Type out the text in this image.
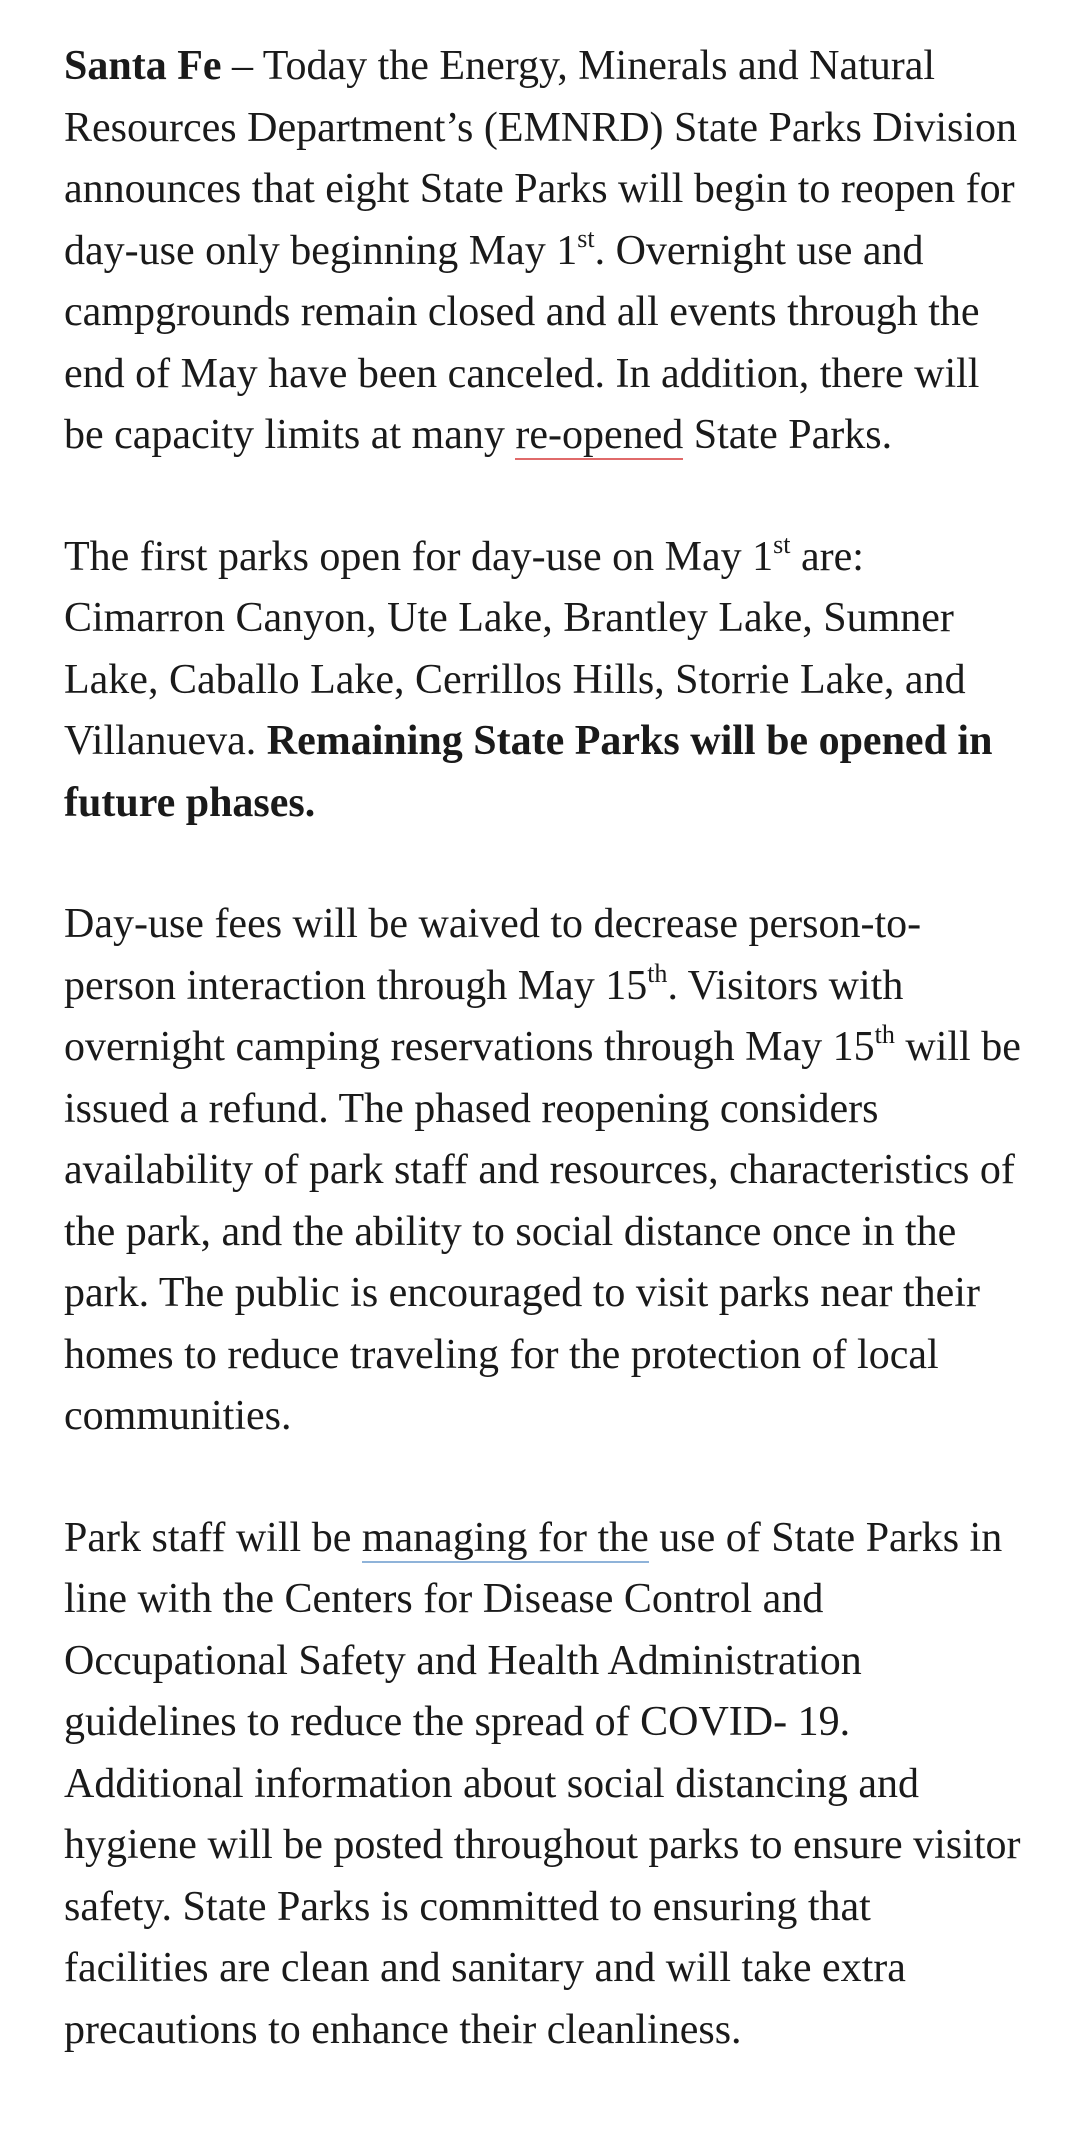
Santa Fe – Today the Energy, Minerals and Natural Resources Department’s (EMNRD) State Parks Division announces that eight State Parks will begin to reopen for day-use only beginning May 1st. Overnight use and campgrounds remain closed and all events through the end of May have been canceled. In addition, there will be capacity limits at many re-opened State Parks.

The first parks open for day-use on May 1st are: Cimarron Canyon, Ute Lake, Brantley Lake, Sumner Lake, Caballo Lake, Cerrillos Hills, Storrie Lake, and Villanueva. Remaining State Parks will be opened in future phases.

Day-use fees will be waived to decrease person-to-person interaction through May 15th. Visitors with overnight camping reservations through May 15th will be issued a refund. The phased reopening considers availability of park staff and resources, characteristics of the park, and the ability to social distance once in the park. The public is encouraged to visit parks near their homes to reduce traveling for the protection of local communities.

Park staff will be managing for the use of State Parks in line with the Centers for Disease Control and Occupational Safety and Health Administration guidelines to reduce the spread of COVID- 19. Additional information about social distancing and hygiene will be posted throughout parks to ensure visitor safety. State Parks is committed to ensuring that facilities are clean and sanitary and will take extra precautions to enhance their cleanliness.
